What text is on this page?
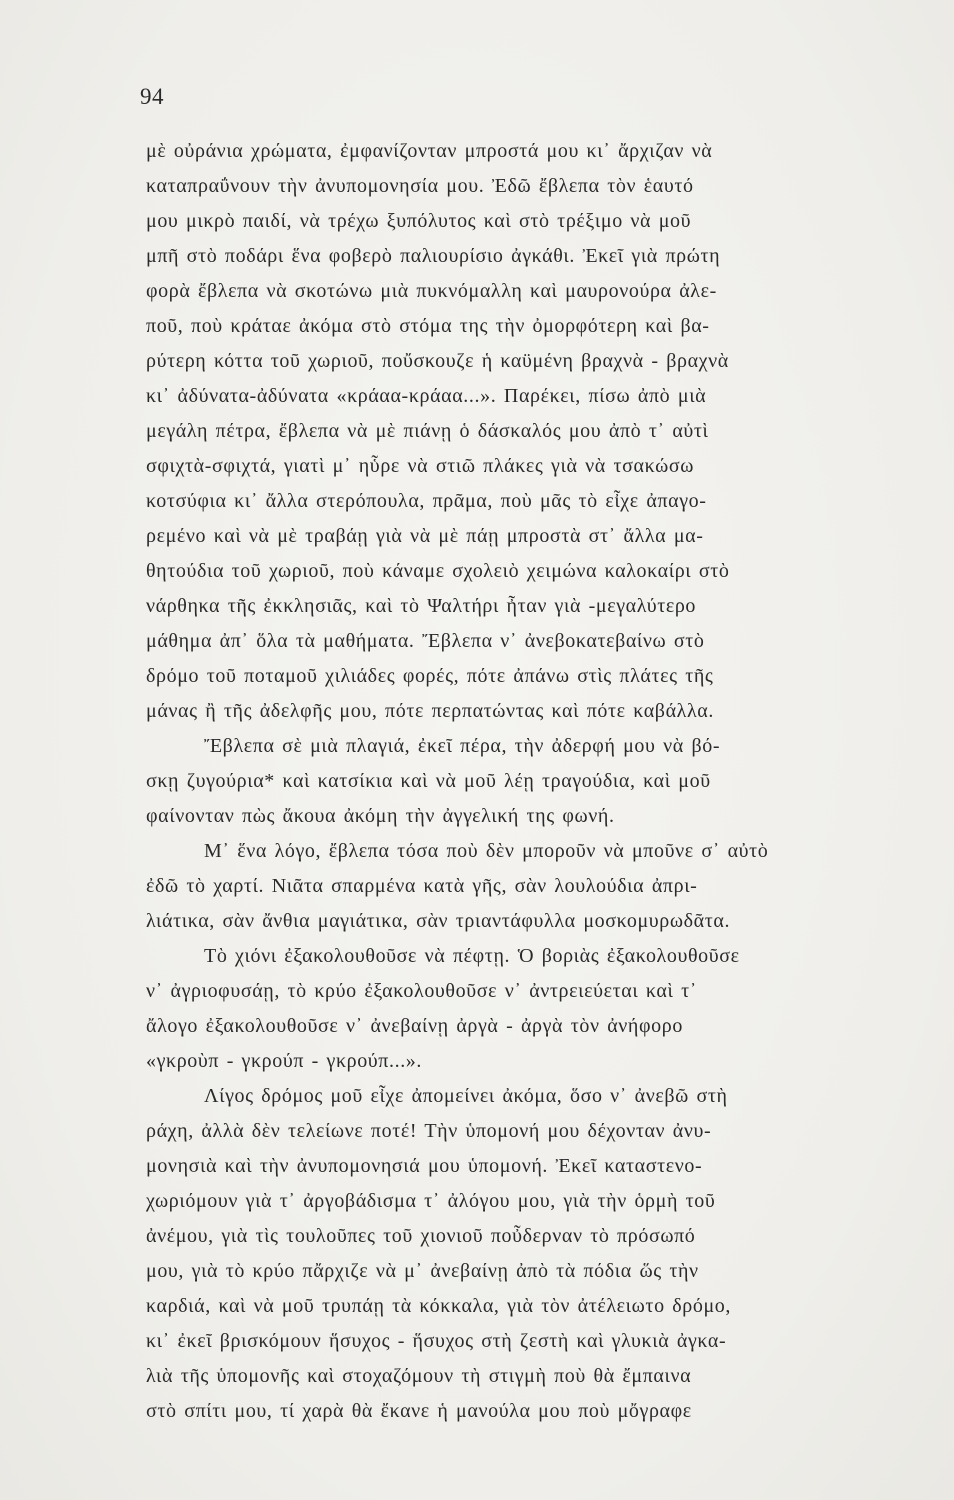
94
μὲ οὐράνια χρώματα, ἐμφανίζονταν μπροστά μου κι᾿ ἄρχιζαν νὰ
καταπραΰνουν τὴν ἀνυπομονησία μου. Ἐδῶ ἔβλεπα τὸν ἑαυτό
μου μικρὸ παιδί, νὰ τρέχω ξυπόλυτος καὶ στὸ τρέξιμο νὰ μοῦ
μπῆ στὸ ποδάρι ἕνα φοβερὸ παλιουρίσιο ἀγκάθι. Ἐκεῖ γιὰ πρώτη
φορὰ ἔβλεπα νὰ σκοτώνω μιὰ πυκνόμαλλη καὶ μαυρονούρα ἀλε-
ποῦ, ποὺ κράταε ἀκόμα στὸ στόμα της τὴν ὀμορφότερη καὶ βα-
ρύτερη κόττα τοῦ χωριοῦ, ποὔσκουζε ἡ καϋμένη βραχνὰ - βραχνὰ
κι᾿ ἀδύνατα-ἀδύνατα «κράαα-κράαα...». Παρέκει, πίσω ἀπὸ μιὰ
μεγάλη πέτρα, ἔβλεπα νὰ μὲ πιάνῃ ὁ δάσκαλός μου ἀπὸ τ᾿ αὐτὶ
σφιχτὰ-σφιχτά, γιατὶ μ᾿ ηὗρε νὰ στιῶ πλάκες γιὰ νὰ τσακώσω
κοτσύφια κι᾿ ἄλλα στερόπουλα, πρᾶμα, ποὺ μᾶς τὸ εἶχε ἀπαγο-
ρεμένο καὶ νὰ μὲ τραβάῃ γιὰ νὰ μὲ πάῃ μπροστὰ στ᾿ ἄλλα μα-
θητούδια τοῦ χωριοῦ, ποὺ κάναμε σχολειὸ χειμώνα καλοκαίρι στὸ
νάρθηκα τῆς ἐκκλησιᾶς, καὶ τὸ Ψαλτήρι ἦταν γιὰ -μεγαλύτερο
μάθημα ἀπ᾿ ὅλα τὰ μαθήματα. Ἔβλεπα ν᾿ ἀνεβοκατεβαίνω στὸ
δρόμο τοῦ ποταμοῦ χιλιάδες φορές, πότε ἀπάνω στὶς πλάτες τῆς
μάνας ἢ τῆς ἀδελφῆς μου, πότε περπατώντας καὶ πότε καβάλλα.
Ἔβλεπα σὲ μιὰ πλαγιά, ἐκεῖ πέρα, τὴν ἀδερφή μου νὰ βό-
σκῃ ζυγούρια* καὶ κατσίκια καὶ νὰ μοῦ λέῃ τραγούδια, καὶ μοῦ
φαίνονταν πὼς ἄκουα ἀκόμη τὴν ἀγγελική της φωνή.
Μ᾿ ἕνα λόγο, ἔβλεπα τόσα ποὺ δὲν μποροῦν νὰ μποῦνε σ᾿ αὐτὸ
ἐδῶ τὸ χαρτί. Νιᾶτα σπαρμένα κατὰ γῆς, σὰν λουλούδια ἀπρι-
λιάτικα, σὰν ἄνθια μαγιάτικα, σὰν τριαντάφυλλα μοσκομυρωδᾶτα.
Τὸ χιόνι ἐξακολουθοῦσε νὰ πέφτῃ. Ὁ βοριὰς ἐξακολουθοῦσε
ν᾿ ἀγριοφυσάῃ, τὸ κρύο ἐξακολουθοῦσε ν᾿ ἀντρειεύεται καὶ τ᾿
ἄλογο ἐξακολουθοῦσε ν᾿ ἀνεβαίνῃ ἀργὰ - ἀργὰ τὸν ἀνήφορο
«γκροὺπ - γκρούπ - γκρούπ...».
Λίγος δρόμος μοῦ εἶχε ἀπομείνει ἀκόμα, ὅσο ν᾿ ἀνεβῶ στὴ
ράχη, ἀλλὰ δὲν τελείωνε ποτέ! Τὴν ὑπομονή μου δέχονταν ἀνυ-
μονησιὰ καὶ τὴν ἀνυπομονησιά μου ὑπομονή. Ἐκεῖ καταστενο-
χωριόμουν γιὰ τ᾿ ἀργοβάδισμα τ᾿ ἀλόγου μου, γιὰ τὴν ὁρμὴ τοῦ
ἀνέμου, γιὰ τὶς τουλοῦπες τοῦ χιονιοῦ ποὖδερναν τὸ πρόσωπό
μου, γιὰ τὸ κρύο πἄρχιζε νὰ μ᾿ ἀνεβαίνῃ ἀπὸ τὰ πόδια ὥς τὴν
καρδιά, καὶ νὰ μοῦ τρυπάῃ τὰ κόκκαλα, γιὰ τὸν ἀτέλειωτο δρόμο,
κι᾿ ἐκεῖ βρισκόμουν ἥσυχος - ἥσυχος στὴ ζεστὴ καὶ γλυκιὰ ἀγκα-
λιὰ τῆς ὑπομονῆς καὶ στοχαζόμουν τὴ στιγμὴ ποὺ θὰ ἔμπαινα
στὸ σπίτι μου, τί χαρὰ θὰ ἔκανε ἡ μανούλα μου ποὺ μὄγραφε
